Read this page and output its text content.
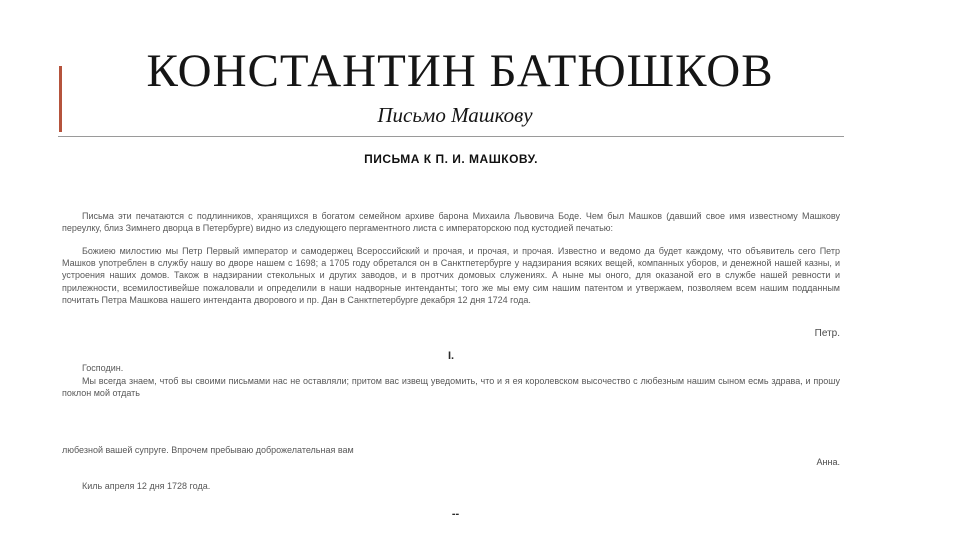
КОНСТАНТИН БАТЮШКОВ
Письмо Машкову
ПИСЬМА К П. И. МАШКОВУ.
Письма эти печатаются с подлинников, хранящихся в богатом семейном архиве барона Михаила Львовича Боде. Чем был Машков (давший свое имя известному Машкову переулку, близ Зимнего дворца в Петербурге) видно из следующего пергаментного листа с императорскою под кустодией печатью:
Божиею милостию мы Петр Первый император и самодержец Всероссийский и прочая, и прочая, и прочая. Известно и ведомо да будет каждому, что объявитель сего Петр Машков употреблен в службу нашу во дворе нашем с 1698; а 1705 году обретался он в Санктпетербурге у надзирания всяких вещей, компанных уборов, и денежной нашей казны, и устроения наших домов. Також в надзирании стекольных и других заводов, и в протчих домовых служениях. А ныне мы оного, для оказаной его в службе нашей ревности и прилежности, всемилостивейше пожаловали и определили в наши надворные интенданты; того же мы ему сим нашим патентом и утвержаем, позволяем всем нашим подданным почитать Петра Машкова нашего интенданта дворового и пр. Дан в Санктпетербурге декабря 12 дня 1724 года.
Петр.
I.
Господин.
Мы всегда знаем, чтоб вы своими письмами нас не оставляли; притом вас извещ уведомить, что и я ея королевском высочество с любезным нашим сыном есмь здрава, и прошу поклон мой отдать
любезной вашей супруге. Впрочем пребываю доброжелательная вам
Анна.
Киль апреля 12 дня 1728 года.
--
